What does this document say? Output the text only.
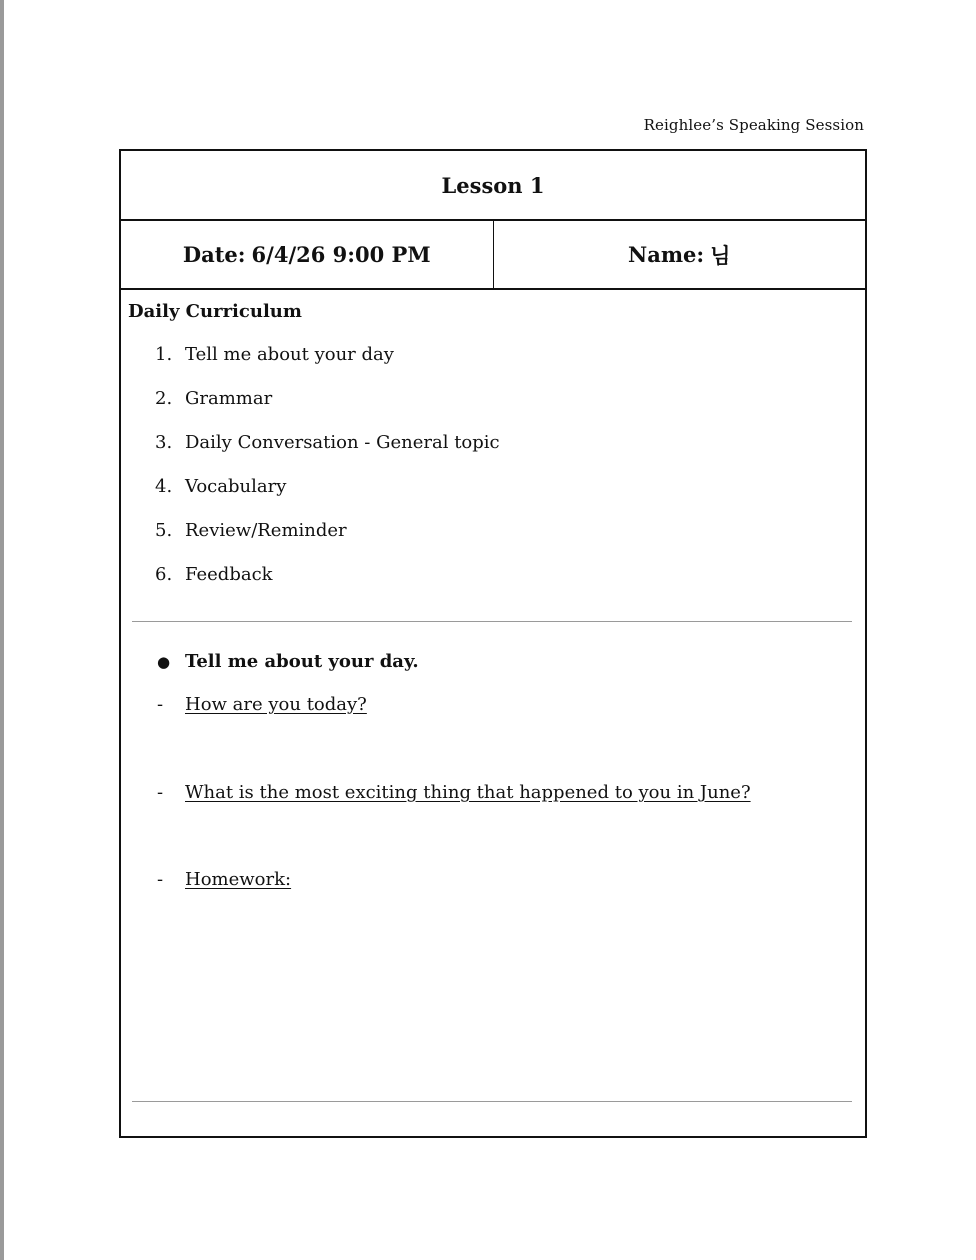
Reighlee’s Speaking Session
Lesson 1
Date: 6/4/26 9:00 PM	Name: 님
Daily Curriculum
1. Tell me about your day
2. Grammar
3. Daily Conversation - General topic
4. Vocabulary
5. Review/Reminder
6. Feedback
● Tell me about your day.
- How are you today?
- What is the most exciting thing that happened to you in June?
- Homework:
